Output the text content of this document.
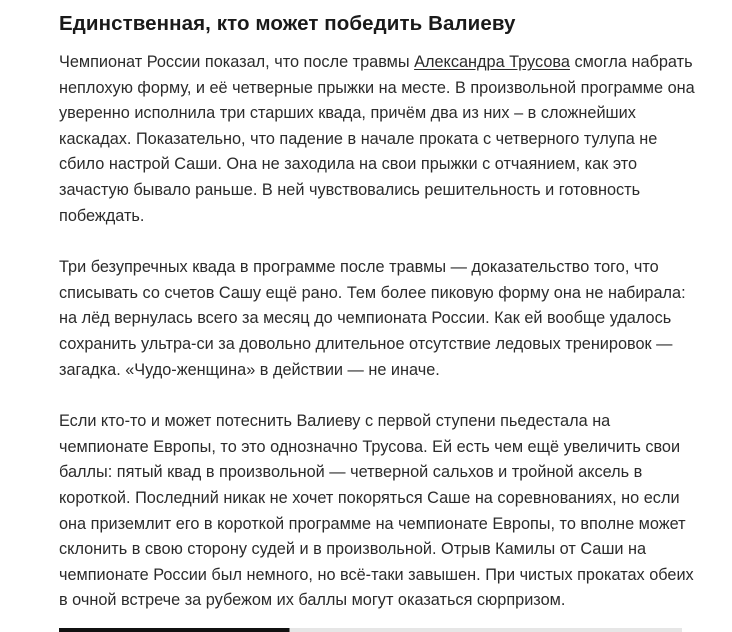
Единственная, кто может победить Валиеву

Чемпионат России показал, что после травмы Александра Трусова смогла набрать неплохую форму, и её четверные прыжки на месте. В произвольной программе она уверенно исполнила три старших квада, причём два из них – в сложнейших каскадах. Показательно, что падение в начале проката с четверного тулупа не сбило настрой Саши. Она не заходила на свои прыжки с отчаянием, как это зачастую бывало раньше. В ней чувствовались решительность и готовность побеждать.

Три безупречных квада в программе после травмы — доказательство того, что списывать со счетов Сашу ещё рано. Тем более пиковую форму она не набирала: на лёд вернулась всего за месяц до чемпионата России. Как ей вообще удалось сохранить ультра-си за довольно длительное отсутствие ледовых тренировок — загадка. «Чудо-женщина» в действии — не иначе.

Если кто-то и может потеснить Валиеву с первой ступени пьедестала на чемпионате Европы, то это однозначно Трусова. Ей есть чем ещё увеличить свои баллы: пятый квад в произвольной — четверной сальхов и тройной аксель в короткой. Последний никак не хочет покоряться Саше на соревнованиях, но если она приземлит его в короткой программе на чемпионате Европы, то вполне может склонить в свою сторону судей и в произвольной. Отрыв Камилы от Саши на чемпионате России был немного, но всё-таки завышен. При чистых прокатах обеих в очной встрече за рубежом их баллы могут оказаться сюрпризом.
